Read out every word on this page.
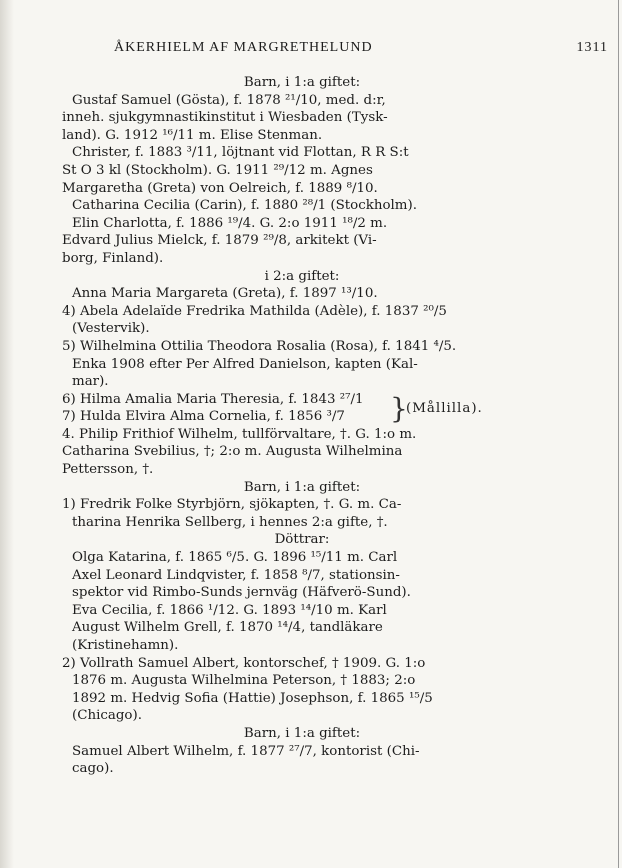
ÅKERHIELM AF MARGRETHELUND	1311
Barn, i 1:a giftet:
Gustaf Samuel (Gösta), f. 1878 ²¹/10, med. d:r,
inneh. sjukgymnastikinstitut i Wiesbaden (Tysk-
land). G. 1912 ¹⁶/11 m. Elise Stenman.
Christer, f. 1883 ³/11, löjtnant vid Flottan, R R S:t
St O 3 kl (Stockholm). G. 1911 ²⁹/12 m. Agnes
Margaretha (Greta) von Oelreich, f. 1889 ⁸/10.
Catharina Cecilia (Carin), f. 1880 ²⁸/1 (Stockholm).
Elin Charlotta, f. 1886 ¹⁹/4. G. 2:o 1911 ¹⁸/2 m.
Edvard Julius Mielck, f. 1879 ²⁹/8, arkitekt (Vi-
borg, Finland).
i 2:a giftet:
Anna Maria Margareta (Greta), f. 1897 ¹³/10.
4) Abela Adelaïde Fredrika Mathilda (Adèle), f. 1837 ²⁰/5
(Vestervik).
5) Wilhelmina Ottilia Theodora Rosalia (Rosa), f. 1841 ⁴/5.
Enka 1908 efter Per Alfred Danielson, kapten (Kal-
mar).
6) Hilma Amalia Maria Theresia, f. 1843 ²⁷/1 }
(Mållilla).
7) Hulda Elvira Alma Cornelia, f. 1856 ³/7
4. Philip Frithiof Wilhelm, tullförvaltare, †. G. 1:o m.
Catharina Svebilius, †; 2:o m. Augusta Wilhelmina
Pettersson, †.
Barn, i 1:a giftet:
1) Fredrik Folke Styrbjörn, sjökapten, †. G. m. Ca-
tharina Henrika Sellberg, i hennes 2:a gifte, †.
Döttrar:
Olga Katarina, f. 1865 ⁶/5. G. 1896 ¹⁵/11 m. Carl
Axel Leonard Lindqvister, f. 1858 ⁸/7, stationsin-
spektor vid Rimbo-Sunds jernväg (Häfverö-Sund).
Eva Cecilia, f. 1866 ¹/12. G. 1893 ¹⁴/10 m. Karl
August Wilhelm Grell, f. 1870 ¹⁴/4, tandläkare
(Kristinehamn).
2) Vollrath Samuel Albert, kontorschef, † 1909. G. 1:o
1876 m. Augusta Wilhelmina Peterson, † 1883; 2:o
1892 m. Hedvig Sofia (Hattie) Josephson, f. 1865 ¹⁵/5
(Chicago).
Barn, i 1:a giftet:
Samuel Albert Wilhelm, f. 1877 ²⁷/7, kontorist (Chi-
cago).
